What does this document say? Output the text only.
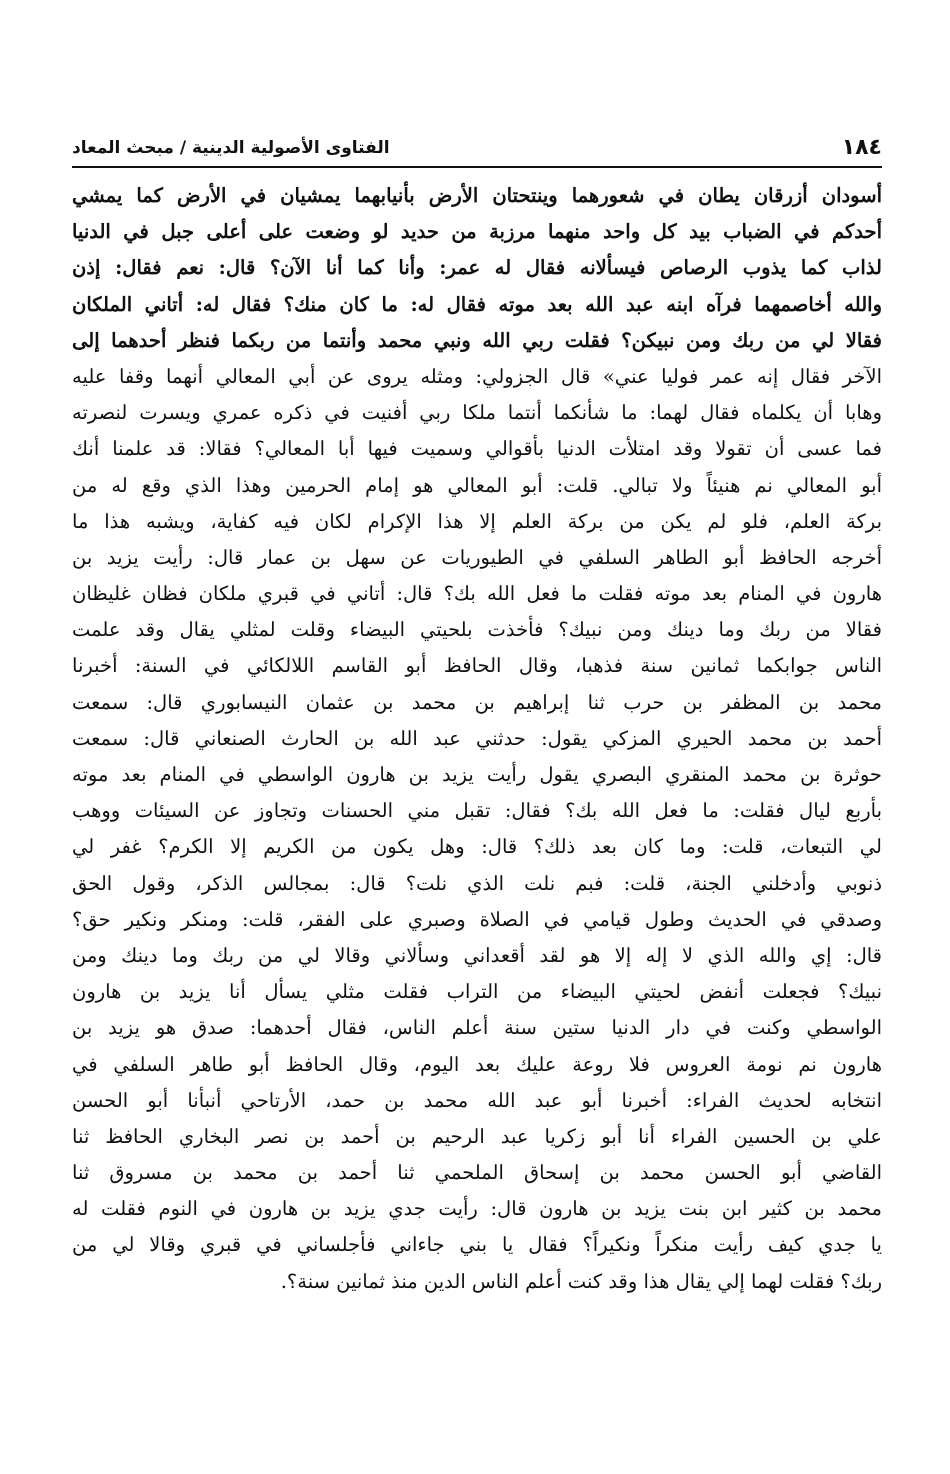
١٨٤
الفتاوى الأصولية الدينية / مبحث المعاد
أسودان أزرقان يطان في شعورهما وينتحتان الأرض بأنيابهما يمشيان في الأرض كما يمشي
أحدكم في الضباب بيد كل واحد منهما مرزبة من حديد لو وضعت على أعلى جبل في الدنيا
لذاب كما يذوب الرصاص فيسألانه فقال له عمر: وأنا كما أنا الآن؟ قال: نعم فقال: إذن
والله أخاصمهما فرآه ابنه عبد الله بعد موته فقال له: ما كان منك؟ فقال له: أتاني الملكان
فقالا لي من ربك ومن نبيكن؟ فقلت ربي الله ونبي محمد وأنتما من ربكما فنظر أحدهما إلى
الآخر فقال إنه عمر فوليا عني» قال الجزولي: ومثله يروى عن أبي المعالي أنهما وقفا عليه
وهابا أن يكلماه فقال لهما: ما شأنكما أنتما ملكا ربي أفنيت في ذكره عمري ويسرت لنصرته
فما عسى أن تقولا وقد امتلأت الدنيا بأقوالي وسميت فيها أبا المعالي؟ فقالا: قد علمنا أنك
أبو المعالي نم هنيئاً ولا تبالي. قلت: أبو المعالي هو إمام الحرمين وهذا الذي وقع له من
بركة العلم، فلو لم يكن من بركة العلم إلا هذا الإكرام لكان فيه كفاية، ويشبه هذا ما
أخرجه الحافظ أبو الطاهر السلفي في الطيوريات عن سهل بن عمار قال: رأيت يزيد بن
هارون في المنام بعد موته فقلت ما فعل الله بك؟ قال: أتاني في قبري ملكان فظان غليظان
فقالا من ربك وما دينك ومن نبيك؟ فأخذت بلحيتي البيضاء وقلت لمثلي يقال وقد علمت
الناس جوابكما ثمانين سنة فذهبا، وقال الحافظ أبو القاسم اللالكائي في السنة: أخبرنا
محمد بن المظفر بن حرب ثنا إبراهيم بن محمد بن عثمان النيسابوري قال: سمعت
أحمد بن محمد الحيري المزكي يقول: حدثني عبد الله بن الحارث الصنعاني قال: سمعت
حوثرة بن محمد المنقري البصري يقول رأيت يزيد بن هارون الواسطي في المنام بعد موته
بأربع ليال فقلت: ما فعل الله بك؟ فقال: تقبل مني الحسنات وتجاوز عن السيئات ووهب
لي التبعات، قلت: وما كان بعد ذلك؟ قال: وهل يكون من الكريم إلا الكرم؟ غفر لي
ذنوبي وأدخلني الجنة، قلت: فبم نلت الذي نلت؟ قال: بمجالس الذكر، وقول الحق
وصدقي في الحديث وطول قيامي في الصلاة وصبري على الفقر، قلت: ومنكر ونكير حق؟
قال: إي والله الذي لا إله إلا هو لقد أقعداني وسألاني وقالا لي من ربك وما دينك ومن
نبيك؟ فجعلت أنفض لحيتي البيضاء من التراب فقلت مثلي يسأل أنا يزيد بن هارون
الواسطي وكنت في دار الدنيا ستين سنة أعلم الناس، فقال أحدهما: صدق هو يزيد بن
هارون نم نومة العروس فلا روعة عليك بعد اليوم، وقال الحافظ أبو طاهر السلفي في
انتخابه لحديث الفراء: أخبرنا أبو عبد الله محمد بن حمد، الأرتاحي أنبأنا أبو الحسن
علي بن الحسين الفراء أنا أبو زكريا عبد الرحيم بن أحمد بن نصر البخاري الحافظ ثنا
القاضي أبو الحسن محمد بن إسحاق الملحمي ثنا أحمد بن محمد بن مسروق ثنا
محمد بن كثير ابن بنت يزيد بن هارون قال: رأيت جدي يزيد بن هارون في النوم فقلت له
يا جدي كيف رأيت منكراً ونكيراً؟ فقال يا بني جاءاني فأجلساني في قبري وقالا لي من
ربك؟ فقلت لهما إلي يقال هذا وقد كنت أعلم الناس الدين منذ ثمانين سنة؟.
